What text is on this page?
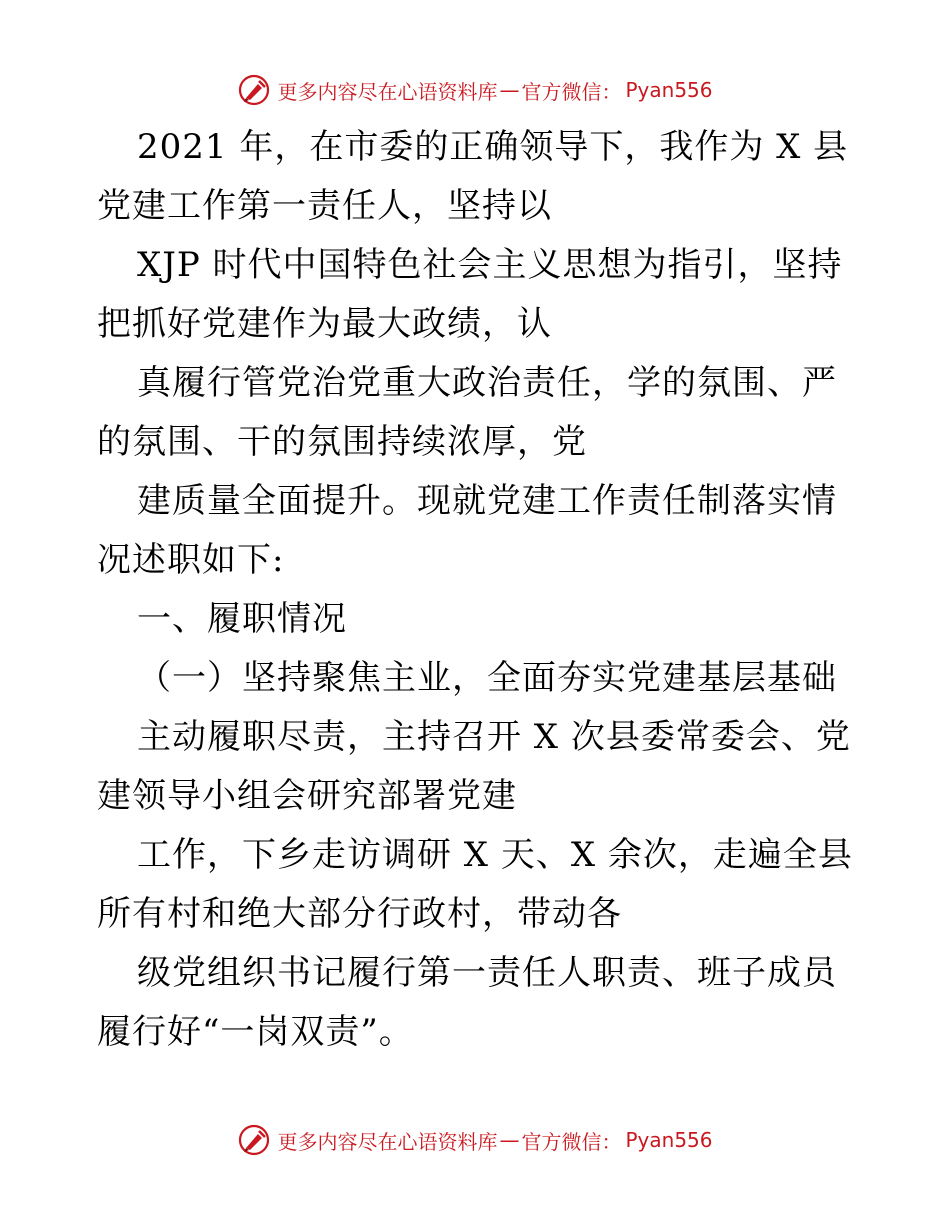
更多内容尽在心语资料库 — 官方微信： Pyan556

2021 年，在市委的正确领导下，我作为 X 县党建工作第一责任人，坚持以

XJP 时代中国特色社会主义思想为指引，坚持把抓好党建作为最大政绩，认

真履行管党治党重大政治责任，学的氛围、严的氛围、干的氛围持续浓厚，党

建质量全面提升。现就党建工作责任制落实情况述职如下:

一、履职情况

（一）坚持聚焦主业，全面夯实党建基层基础

主动履职尽责，主持召开 X 次县委常委会、党建领导小组会研究部署党建

工作，下乡走访调研 X 天、X 余次，走遍全县所有村和绝大部分行政村，带动各

级党组织书记履行第一责任人职责、班子成员履行好“一岗双责”。

更多内容尽在心语资料库 — 官方微信： Pyan556
